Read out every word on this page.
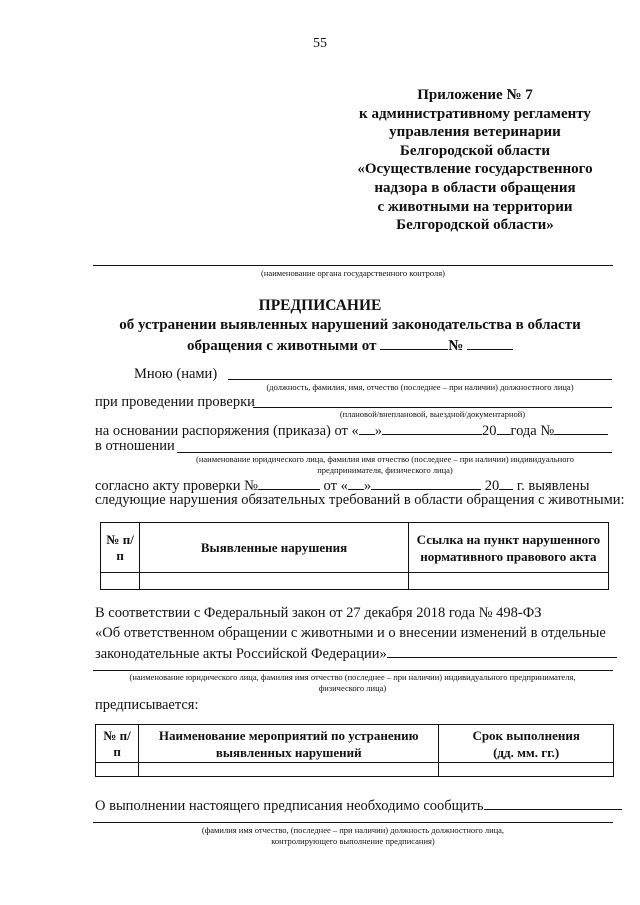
55
Приложение № 7
к административному регламенту
управления ветеринарии
Белгородской области
«Осуществление государственного
надзора в области обращения
с животными на территории
Белгородской области»
(наименование органа государственного контроля)
ПРЕДПИСАНИЕ
об устранении выявленных нарушений законодательства в области
обращения с животными от	№
Мною (нами)
(должность, фамилия, имя, отчество (последнее – при наличии) должностного лица)
при проведении проверки
(плановой/внеплановой, выездной/документарной)
на основании распоряжения (приказа) от « »	20 года №
в отношении
(наименование юридического лица, фамилия имя отчество (последнее – при наличии) индивидуального
предпринимателя, физического лица)
согласно акту проверки №	от « »	20 г. выявлены
следующие нарушения обязательных требований в области обращения с животными:
№ п/п	Выявленные нарушения	Ссылка на пункт нарушенного нормативного правового акта

В соответствии с Федеральный закон от 27 декабря 2018 года № 498-ФЗ
«Об ответственном обращении с животными и о внесении изменений в отдельные
законодательные акты Российской Федерации»
(наименование юридического лица, фамилия имя отчество (последнее – при наличии) индивидуального предпринимателя,
физического лица)
предписывается:
№ п/п	Наименование мероприятий по устранению выявленных нарушений	Срок выполнения
(дд. мм. гг.)

О выполнении настоящего предписания необходимо сообщить
(фамилия имя отчество, (последнее – при наличии) должность должностного лица,
контролирующего выполнение предписания)
